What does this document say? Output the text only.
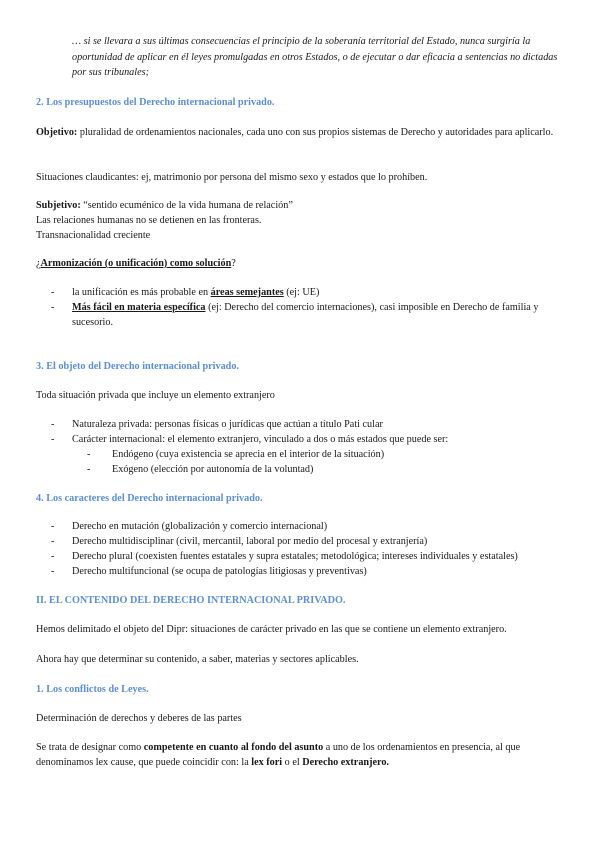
… si se llevara a sus últimas consecuencias el principio de la soberanía territorial del Estado, nunca surgiría la oportunidad de aplicar en él leyes promulgadas en otros Estados, o de ejecutar o dar eficacia a sentencias no dictadas por sus tribunales;
2. Los presupuestos del Derecho internacional privado.
Objetivo: pluralidad de ordenamientos nacionales, cada uno con sus propios sistemas de Derecho y autoridades para aplicarlo.
Situaciones claudicantes: ej, matrimonio por persona del mismo sexo y estados que lo prohíben.
Subjetivo: “sentido ecuménico de la vida humana de relación”
Las relaciones humanas no se detienen en las fronteras.
Transnacionalidad creciente
¿Armonización (o unificación) como solución?
- la unificación es más probable en áreas semejantes (ej: UE)
- Más fácil en materia específica (ej: Derecho del comercio internaciones), casi imposible en Derecho de familia y sucesorio.
3. El objeto del Derecho internacional privado.
Toda situación privada que incluye un elemento extranjero
- Naturaleza privada: personas físicas o jurídicas que actúan a título Pati cular
- Carácter internacional: el elemento extranjero, vinculado a dos o más estados que puede ser:
- Endógeno (cuya existencia se aprecia en el interior de la situación)
- Exógeno (elección por autonomía de la voluntad)
4. Los caracteres del Derecho internacional privado.
- Derecho en mutación (globalización y comercio internacional)
- Derecho multidisciplinar (civil, mercantil, laboral por medio del procesal y extranjería)
- Derecho plural (coexisten fuentes estatales y supra estatales; metodológica; intereses individuales y estatales)
- Derecho multifuncional (se ocupa de patologías litigiosas y preventivas)
II. EL CONTENIDO DEL DERECHO INTERNACIONAL PRIVADO.
Hemos delimitado el objeto del Dipr: situaciones de carácter privado en las que se contiene un elemento extranjero.
Ahora hay que determinar su contenido, a saber, materias y sectores aplicables.
1. Los conflictos de Leyes.
Determinación de derechos y deberes de las partes
Se trata de designar como competente en cuanto al fondo del asunto a uno de los ordenamientos en presencia, al que denominamos lex cause, que puede coincidir con: la lex fori o el Derecho extranjero.
